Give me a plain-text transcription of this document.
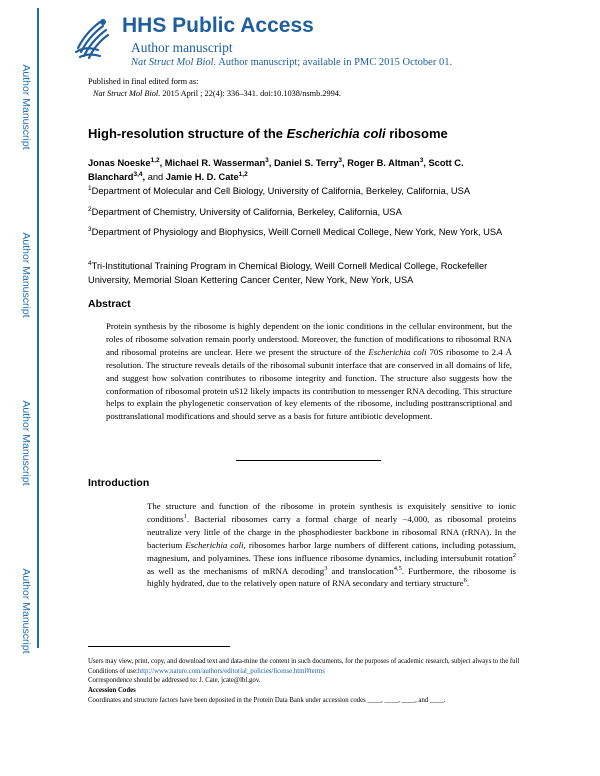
Author Manuscript
Author Manuscript
Author Manuscript
Author Manuscript
HHS Public Access
Author manuscript
Nat Struct Mol Biol. Author manuscript; available in PMC 2015 October 01.
Published in final edited form as:
Nat Struct Mol Biol. 2015 April ; 22(4): 336–341. doi:10.1038/nsmb.2994.
High-resolution structure of the Escherichia coli ribosome
Jonas Noeske$^{1,2}$, Michael R. Wasserman$^3$, Daniel S. Terry$^3$, Roger B. Altman$^3$, Scott C. Blanchard$^{3,4}$, and Jamie H. D. Cate$^{1,2}$
$^1$Department of Molecular and Cell Biology, University of California, Berkeley, California, USA
$^2$Department of Chemistry, University of California, Berkeley, California, USA
$^3$Department of Physiology and Biophysics, Weill Cornell Medical College, New York, New York, USA
$^4$Tri-Institutional Training Program in Chemical Biology, Weill Cornell Medical College, Rockefeller University, Memorial Sloan Kettering Cancer Center, New York, New York, USA
Abstract
Protein synthesis by the ribosome is highly dependent on the ionic conditions in the cellular environment, but the roles of ribosome solvation remain poorly understood. Moreover, the function of modifications to ribosomal RNA and ribosomal proteins are unclear. Here we present the structure of the Escherichia coli 70S ribosome to 2.4 Å resolution. The structure reveals details of the ribosomal subunit interface that are conserved in all domains of life, and suggest how solvation contributes to ribosome integrity and function. The structure also suggests how the conformation of ribosomal protein uS12 likely impacts its contribution to messenger RNA decoding. This structure helps to explain the phylogenetic conservation of key elements of the ribosome, including posttranscriptional and posttranslational modifications and should serve as a basis for future antibiotic development.
Introduction
The structure and function of the ribosome in protein synthesis is exquisitely sensitive to ionic conditions$^1$. Bacterial ribosomes carry a formal charge of nearly −4,000, as ribosomal proteins neutralize very little of the charge in the phosphodiester backbone in ribosomal RNA (rRNA). In the bacterium Escherichia coli, ribosomes harbor large numbers of different cations, including potassium, magnesium, and polyamines. These ions influence ribosome dynamics, including intersubunit rotation$^2$ as well as the mechanisms of mRNA decoding$^3$ and translocation$^{4,5}$. Furthermore, the ribosome is highly hydrated, due to the relatively open nature of RNA secondary and tertiary structure$^6$.
Users may view, print, copy, and download text and data-mine the content in such documents, for the purposes of academic research, subject always to the full Conditions of use:http://www.nature.com/authors/editorial_policies/license.html#terms
Correspondence should be addressed to: J. Cate, jcate@lbl.gov.
Accession Codes
Coordinates and structure factors have been deposited in the Protein Data Bank under accession codes ____, ____, ____, and ____.
